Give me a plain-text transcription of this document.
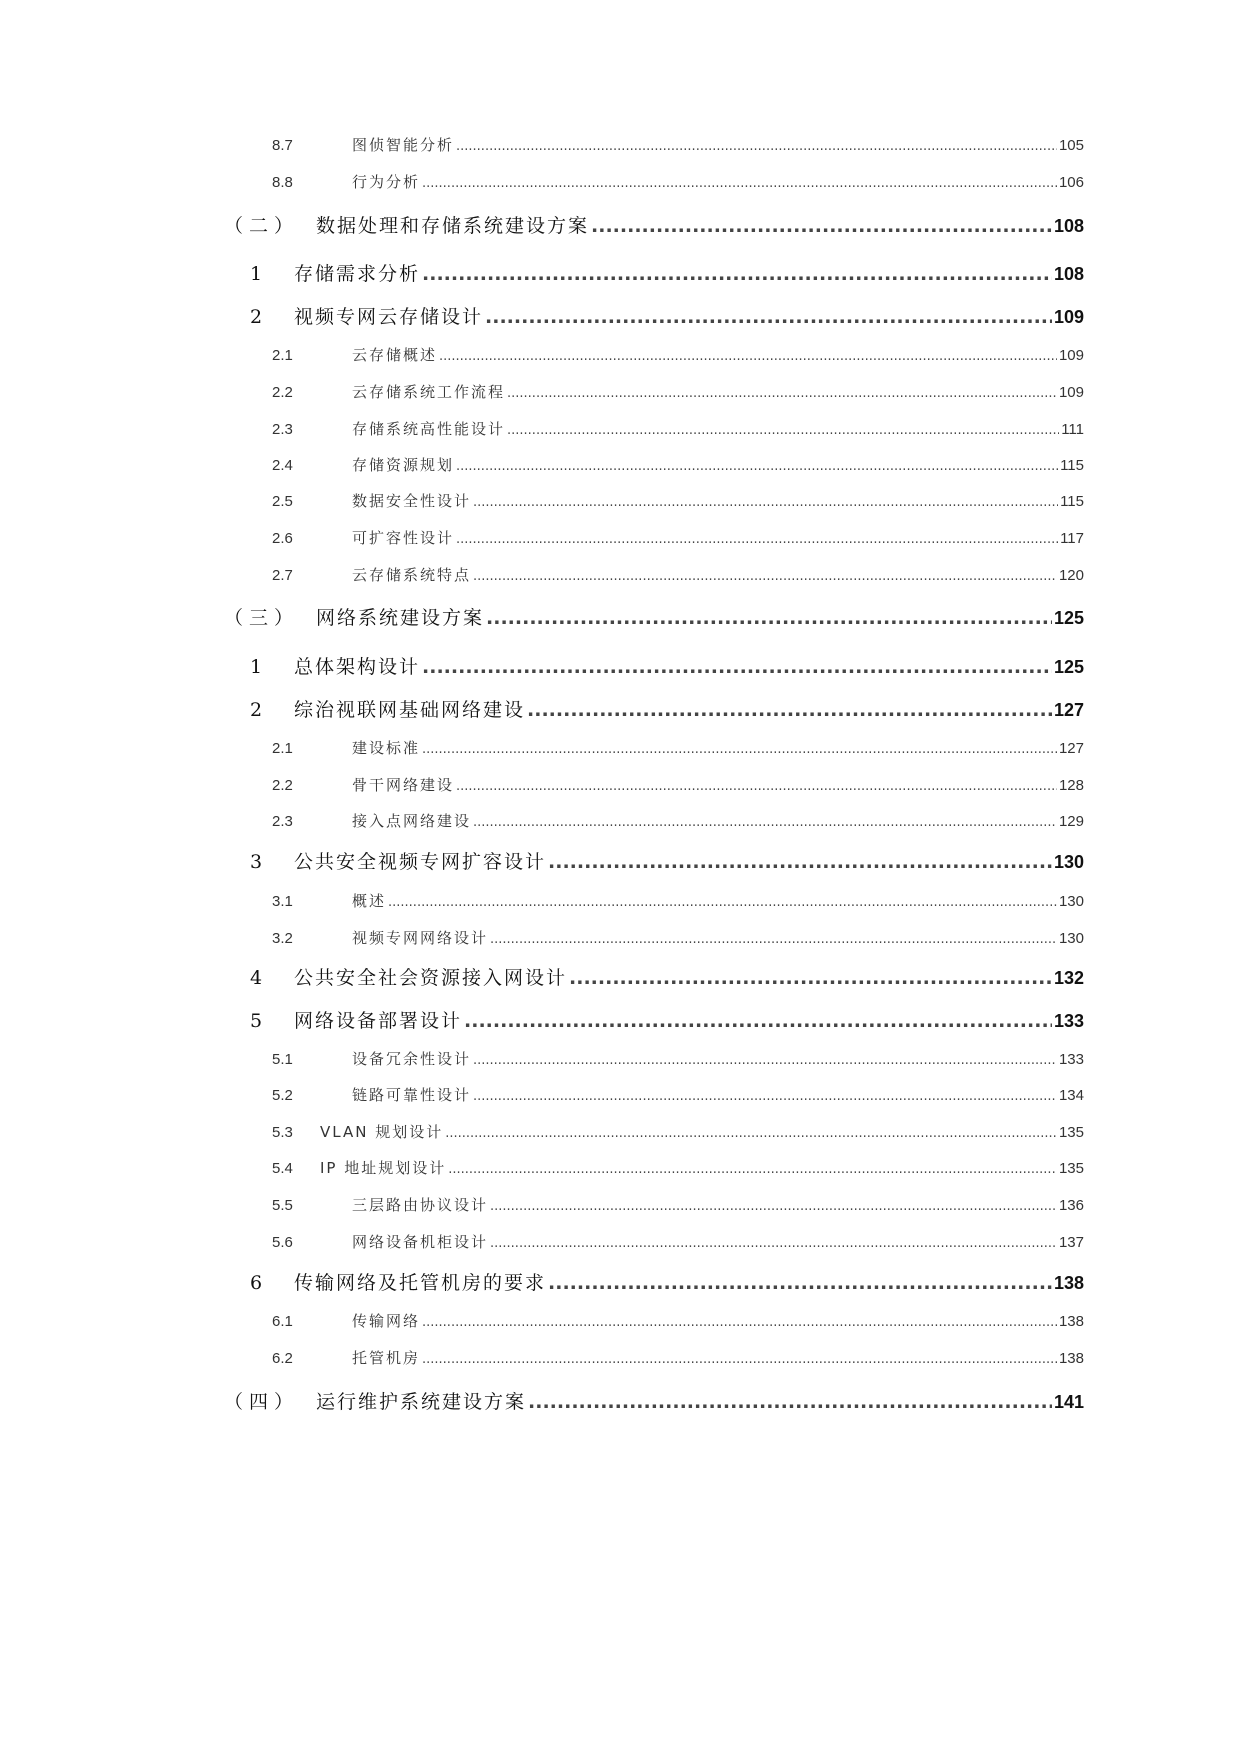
8.7	图侦智能分析 .....	105
8.8	行为分析 .....	106
（二） 数据处理和存储系统建设方案 .....	108
1	存储需求分析 .....	108
2	视频专网云存储设计 .....	109
2.1	云存储概述 .....	109
2.2	云存储系统工作流程 .....	109
2.3	存储系统高性能设计 .....	111
2.4	存储资源规划 .....	115
2.5	数据安全性设计 .....	115
2.6	可扩容性设计 .....	117
2.7	云存储系统特点 .....	120
（三） 网络系统建设方案 .....	125
1	总体架构设计 .....	125
2	综治视联网基础网络建设 .....	127
2.1	建设标准 .....	127
2.2	骨干网络建设 .....	128
2.3	接入点网络建设 .....	129
3	公共安全视频专网扩容设计 .....	130
3.1	概述 .....	130
3.2	视频专网网络设计 .....	130
4	公共安全社会资源接入网设计 .....	132
5	网络设备部署设计 .....	133
5.1	设备冗余性设计 .....	133
5.2	链路可靠性设计 .....	134
5.3	VLAN 规划设计 .....	135
5.4	IP 地址规划设计 .....	135
5.5	三层路由协议设计 .....	136
5.6	网络设备机柜设计 .....	137
6	传输网络及托管机房的要求 .....	138
6.1	传输网络 .....	138
6.2	托管机房 .....	138
（四） 运行维护系统建设方案 .....	141
